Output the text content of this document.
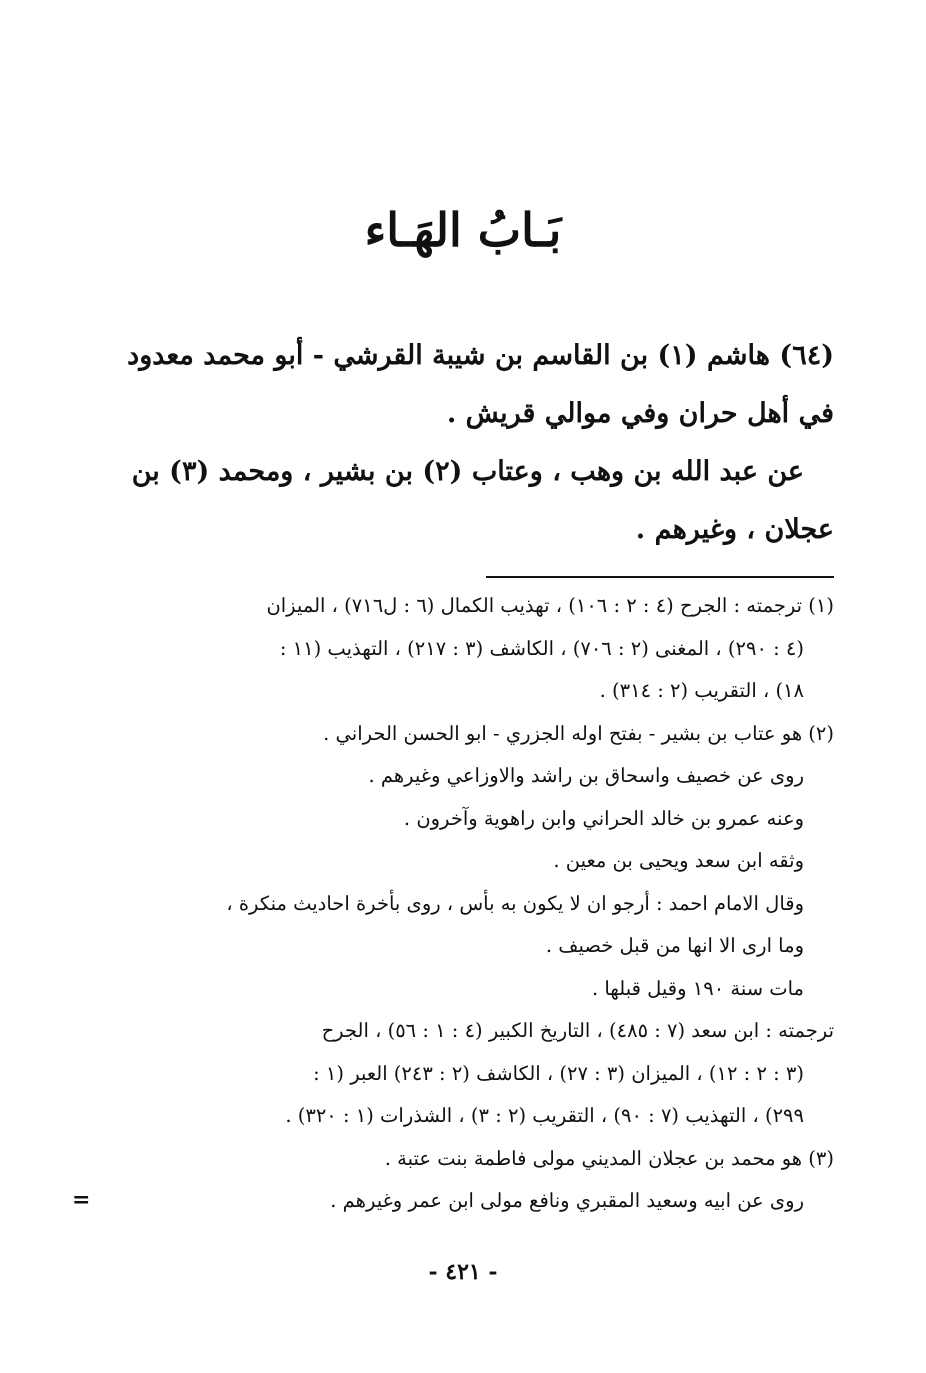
بَـابُ الهَـاء

(٦٤) هاشم (١) بن القاسم بن شيبة القرشي - أبو محمد معدود

في أهل حران وفي موالي قريش .

عن عبد الله بن وهب ، وعتاب (٢) بن بشير ، ومحمد (٣) بن

عجلان ، وغيرهم .

(١) ترجمته : الجرح (٤ : ٢ : ١٠٦) ، تهذيب الكمال (٦ : ل٧١٦) ، الميزان

(٤ : ٢٩٠) ، المغنى (٢ : ٧٠٦) ، الكاشف (٣ : ٢١٧) ، التهذيب (١١ :

١٨) ، التقريب (٢ : ٣١٤) .

(٢) هو عتاب بن بشير - بفتح اوله الجزري - ابو الحسن الحراني .

روى عن خصيف واسحاق بن راشد والاوزاعي وغيرهم .

وعنه عمرو بن خالد الحراني وابن راهوية وآخرون .

وثقه ابن سعد ويحيى بن معين .

وقال الامام احمد : أرجو ان لا يكون به بأس ، روى بأخرة احاديث منكرة ،

وما ارى الا انها من قبل خصيف .

مات سنة ١٩٠ وقيل قبلها .

ترجمته : ابن سعد (٧ : ٤٨٥) ، التاريخ الكبير (٤ : ١ : ٥٦) ، الجرح

(٣ : ٢ : ١٢) ، الميزان (٣ : ٢٧) ، الكاشف (٢ : ٢٤٣) العبر (١ :

٢٩٩) ، التهذيب (٧ : ٩٠) ، التقريب (٢ : ٣) ، الشذرات (١ : ٣٢٠) .

(٣) هو محمد بن عجلان المديني مولى فاطمة بنت عتبة .

روى عن ابيه وسعيد المقبري ونافع مولى ابن عمر وغيرهم .

=
- ٤٢١ -
